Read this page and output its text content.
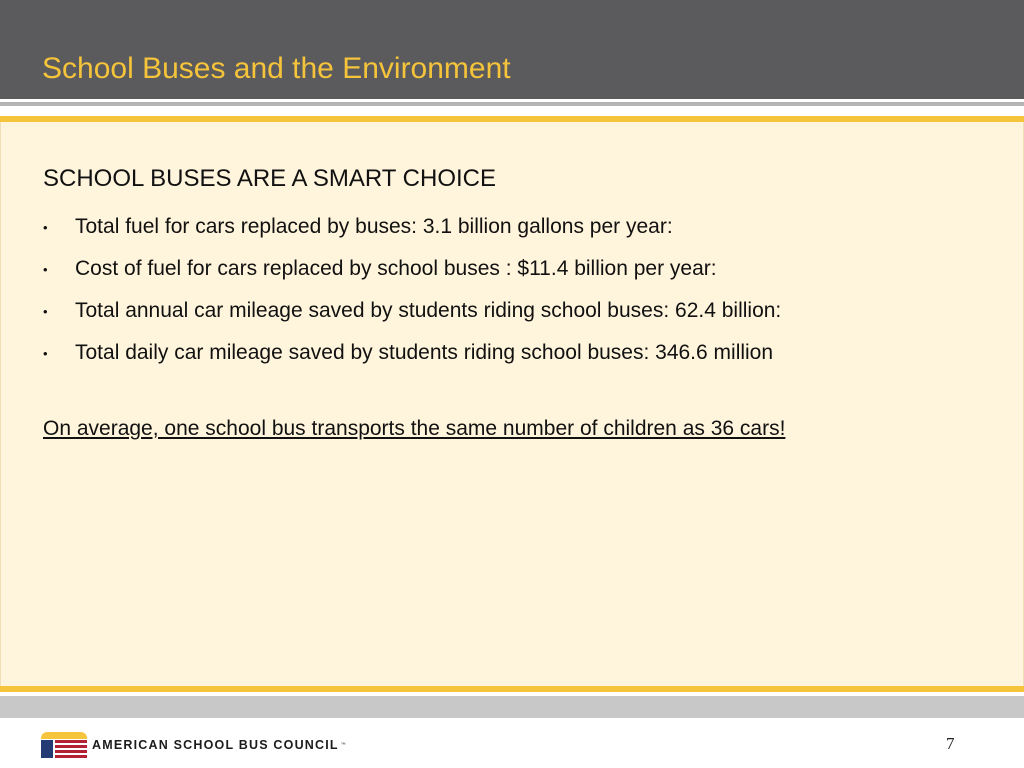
School Buses and the Environment
SCHOOL BUSES ARE A SMART CHOICE
•	Total fuel for cars replaced by buses: 3.1 billion gallons per year:
•	Cost of fuel for cars replaced by school buses : $11.4 billion per year:
•	Total annual car mileage saved by students riding school buses: 62.4 billion:
•	Total daily car mileage saved by students riding school buses: 346.6 million
On average, one school bus transports the same number of children as 36 cars!
AMERICAN SCHOOL BUS COUNCIL ™	7
